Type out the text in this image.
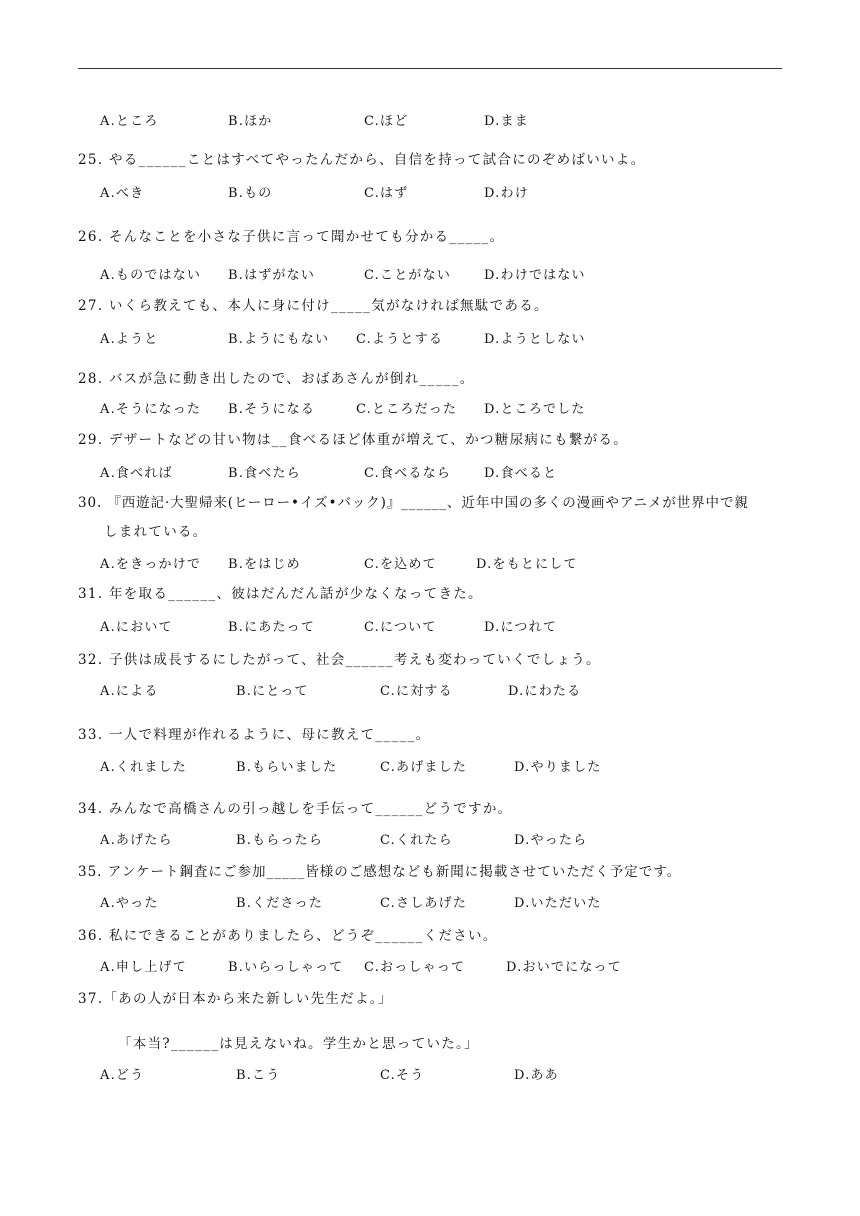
A.ところ	B.ほか	C.ほど	D.まま
25. やる______ことはすべてやったんだから、自信を持って試合にのぞめばいいよ。
A.べき	B.もの	C.はず	D.わけ
26. そんなことを小さな子供に言って聞かせても分かる_____。
A.ものではない B.はずがない	C.ことがない	D.わけではない
27. いくら教えても、本人に身に付け_____気がなければ無駄である。
A.ようと	B.ようにもない C.ようとする	D.ようとしない
28. バスが急に動き出したので、おばあさんが倒れ_____。
A.そうになった B.そうになる	C.ところだった D.ところでした
29. デザートなどの甘い物は__食べるほど体重が増えて、かつ糖尿病にも繋がる。
A.食べれば	B.食べたら	C.食べるなら	D.食べると
30. 『西遊記·大聖帰来(ヒーロー•イズ•バック)』______、近年中国の多くの漫画やアニメが世界中で親
しまれている。
A.をきっかけで B.をはじめ	C.を込めて	D.をもとにして
31. 年を取る______、彼はだんだん話が少なくなってきた。
A.において	B.にあたって	C.について	D.につれて
32. 子供は成長するにしたがって、社会______考えも変わっていくでしょう。
A.による	B.にとって	C.に対する	D.にわたる
33. 一人で料理が作れるように、母に教えて_____。
A.くれました	B.もらいました	C.あげました	D.やりました
34. みんなで高橋さんの引っ越しを手伝って______どうですか。
A.あげたら	B.もらったら	C.くれたら	D.やったら
35. アンケート鋼査にご参加_____皆様のご感想なども新聞に掲載させていただく予定です。
A.やった	B.くださった	C.さしあげた	D.いただいた
36. 私にできることがありましたら、どうぞ______ください。
A.申し上げて	B.いらっしゃって C.おっしゃって	D.おいでになって
37.「あの人が日本から来た新しい先生だよ。」
「本当?______は見えないね。学生かと思っていた。」
A.どう	B.こう	C.そう	D.ああ
